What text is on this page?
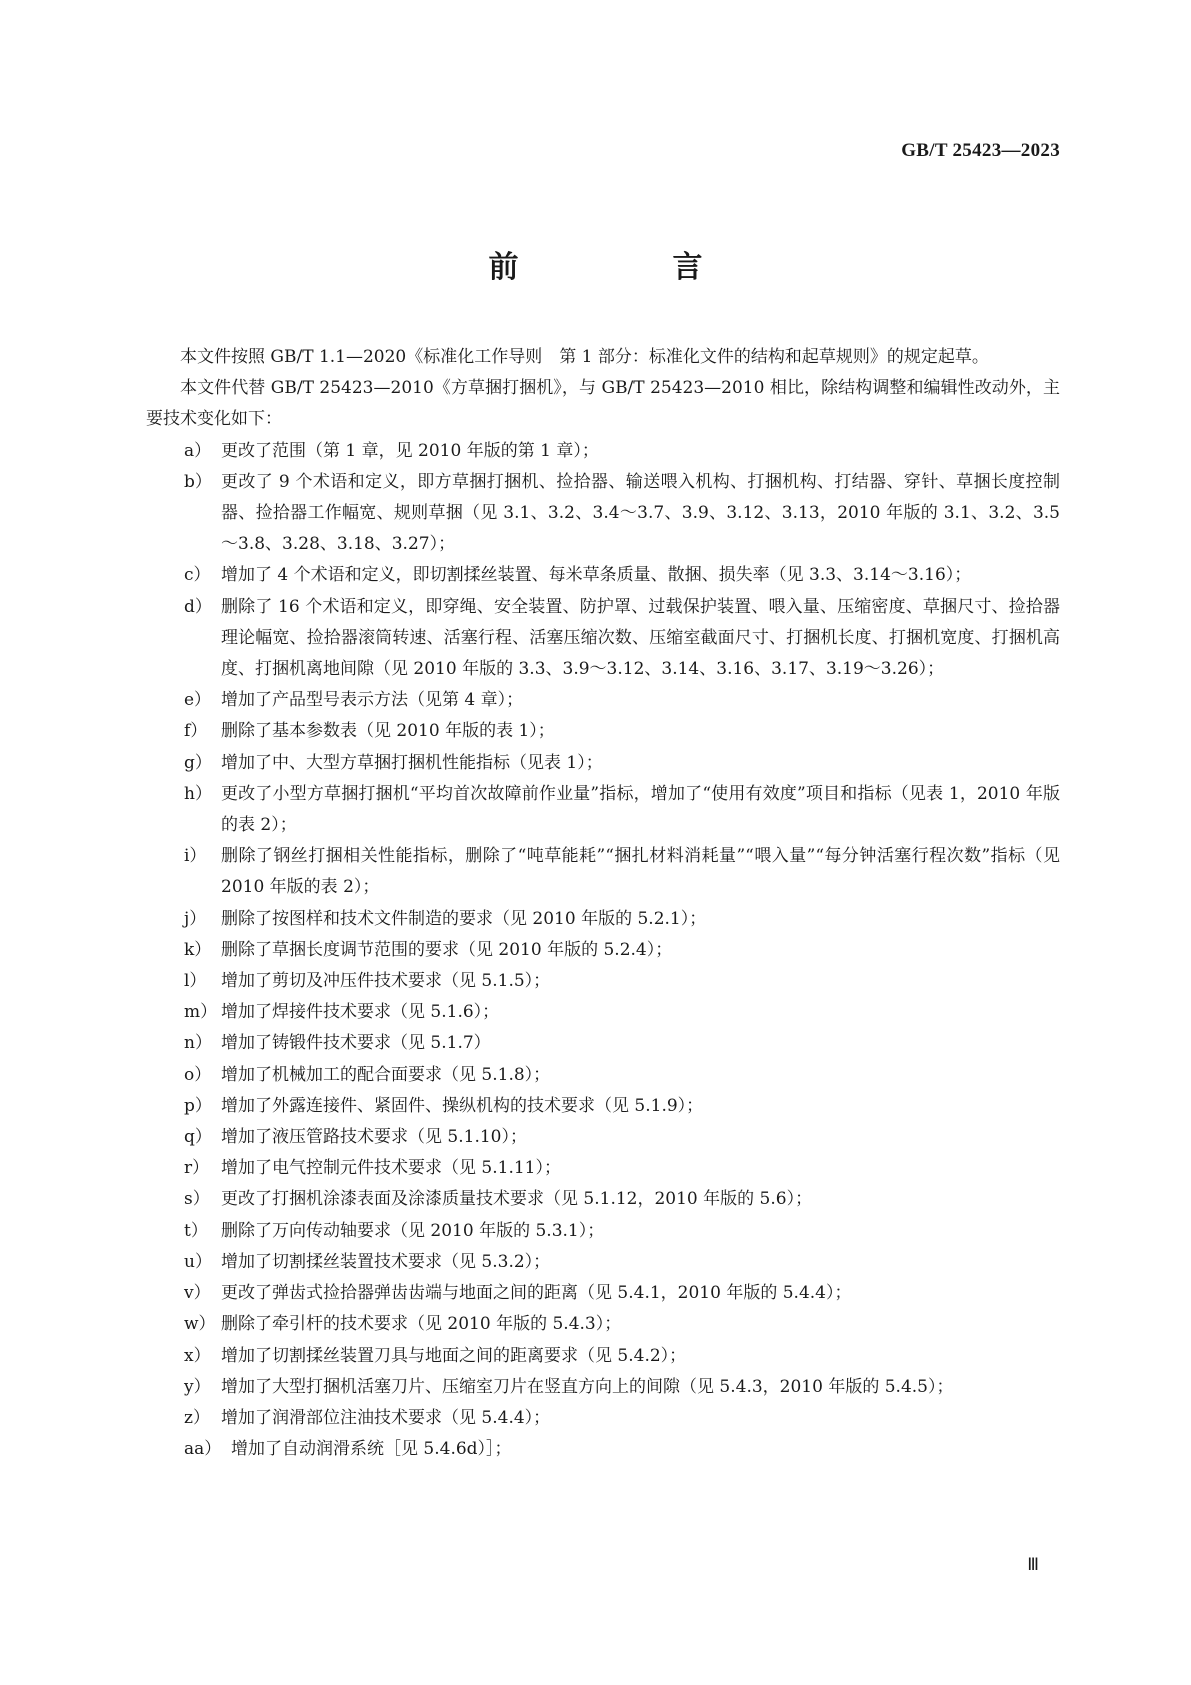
GB/T 25423—2023
前　言

本文件按照 GB/T 1.1—2020《标准化工作导则　第 1 部分：标准化文件的结构和起草规则》的规定起草。

本文件代替 GB/T 25423—2010《方草捆打捆机》，与 GB/T 25423—2010 相比，除结构调整和编辑性改动外，主要技术变化如下：

a） 更改了范围（第 1 章，见 2010 年版的第 1 章）；
b） 更改了 9 个术语和定义，即方草捆打捆机、捡拾器、输送喂入机构、打捆机构、打结器、穿针、草捆长度控制器、捡拾器工作幅宽、规则草捆（见 3.1、3.2、3.4～3.7、3.9、3.12、3.13，2010 年版的 3.1、3.2、3.5～3.8、3.28、3.18、3.27）；
c） 增加了 4 个术语和定义，即切割揉丝装置、每米草条质量、散捆、损失率（见 3.3、3.14～3.16）；
d） 删除了 16 个术语和定义，即穿绳、安全装置、防护罩、过载保护装置、喂入量、压缩密度、草捆尺寸、捡拾器理论幅宽、捡拾器滚筒转速、活塞行程、活塞压缩次数、压缩室截面尺寸、打捆机长度、打捆机宽度、打捆机高度、打捆机离地间隙（见 2010 年版的 3.3、3.9～3.12、3.14、3.16、3.17、3.19～3.26）；
e） 增加了产品型号表示方法（见第 4 章）；
f） 删除了基本参数表（见 2010 年版的表 1）；
g） 增加了中、大型方草捆打捆机性能指标（见表 1）；
h） 更改了小型方草捆打捆机“平均首次故障前作业量”指标，增加了“使用有效度”项目和指标（见表 1，2010 年版的表 2）；
i） 删除了钢丝打捆相关性能指标，删除了“吨草能耗”“捆扎材料消耗量”“喂入量”“每分钟活塞行程次数”指标（见 2010 年版的表 2）；
j） 删除了按图样和技术文件制造的要求（见 2010 年版的 5.2.1）；
k） 删除了草捆长度调节范围的要求（见 2010 年版的 5.2.4）；
l） 增加了剪切及冲压件技术要求（见 5.1.5）；
m） 增加了焊接件技术要求（见 5.1.6）；
n） 增加了铸锻件技术要求（见 5.1.7）
o） 增加了机械加工的配合面要求（见 5.1.8）；
p） 增加了外露连接件、紧固件、操纵机构的技术要求（见 5.1.9）；
q） 增加了液压管路技术要求（见 5.1.10）；
r） 增加了电气控制元件技术要求（见 5.1.11）；
s） 更改了打捆机涂漆表面及涂漆质量技术要求（见 5.1.12，2010 年版的 5.6）；
t） 删除了万向传动轴要求（见 2010 年版的 5.3.1）；
u） 增加了切割揉丝装置技术要求（见 5.3.2）；
v） 更改了弹齿式捡拾器弹齿齿端与地面之间的距离（见 5.4.1，2010 年版的 5.4.4）；
w） 删除了牵引杆的技术要求（见 2010 年版的 5.4.3）；
x） 增加了切割揉丝装置刀具与地面之间的距离要求（见 5.4.2）；
y） 增加了大型打捆机活塞刀片、压缩室刀片在竖直方向上的间隙（见 5.4.3，2010 年版的 5.4.5）；
z） 增加了润滑部位注油技术要求（见 5.4.4）；
aa） 增加了自动润滑系统［见 5.4.6d）］；
Ⅲ
